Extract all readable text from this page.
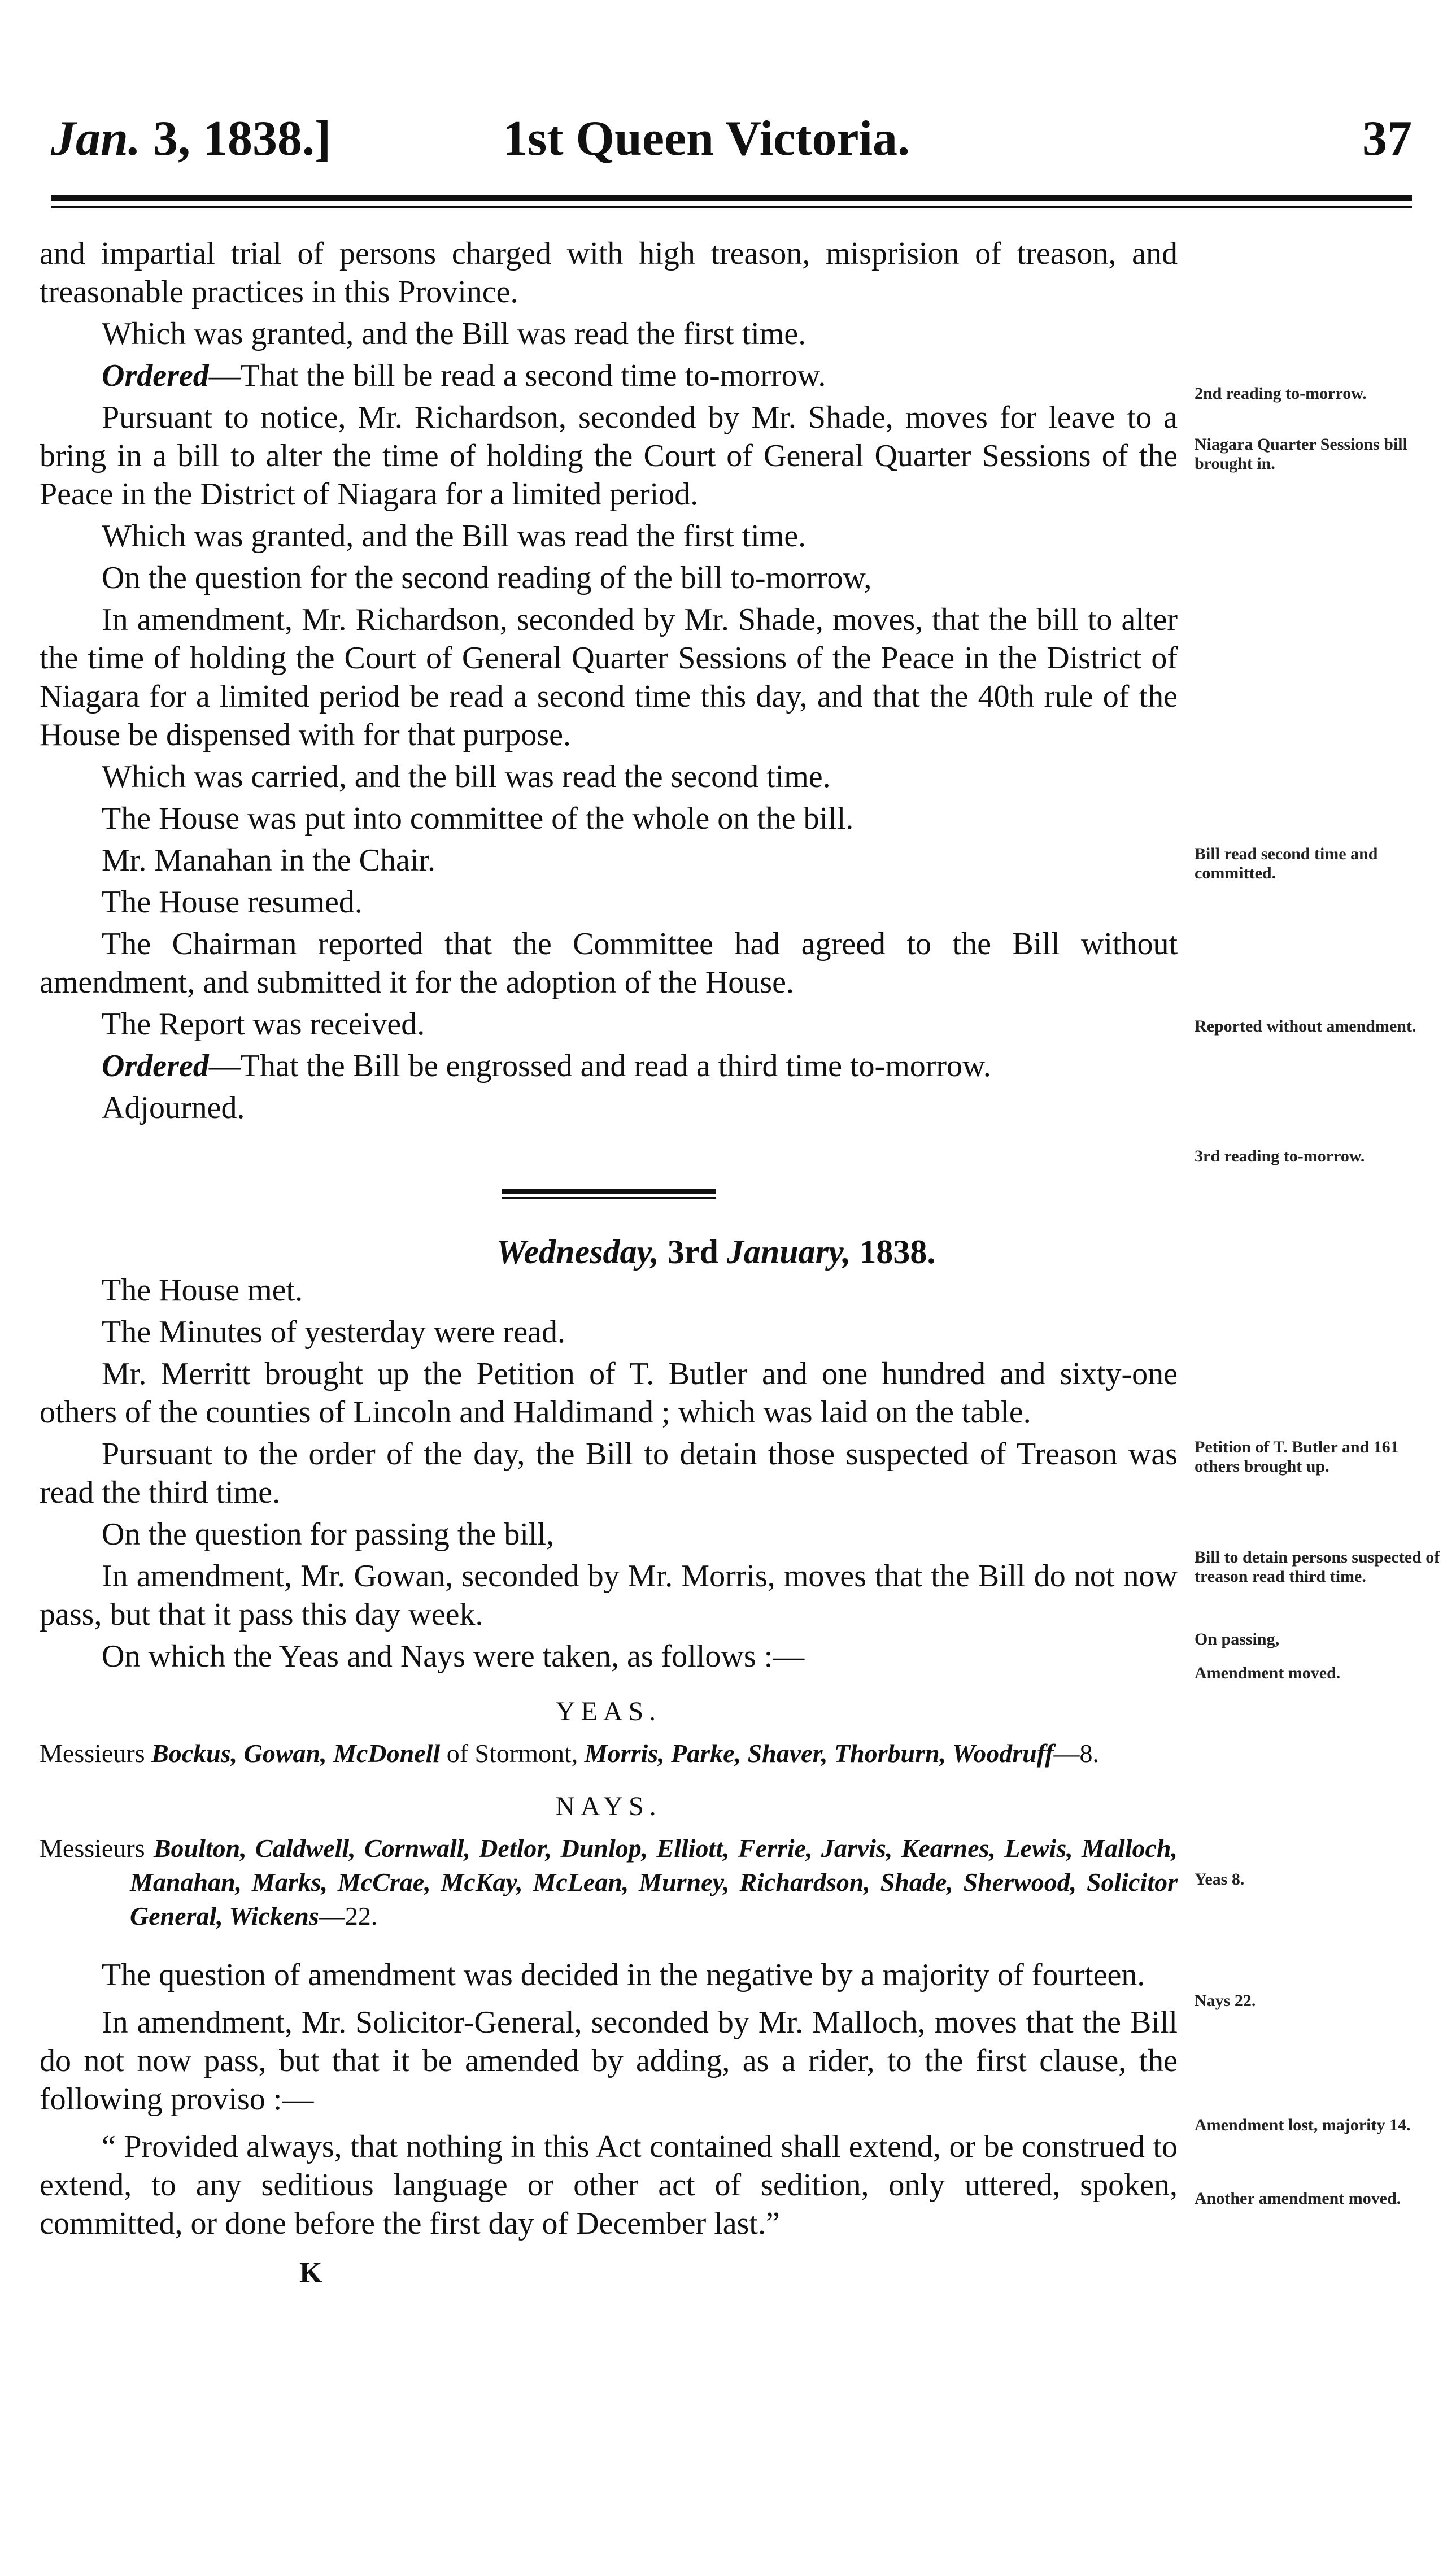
Jan. 3, 1838.]	1st Queen Victoria.	37

and impartial trial of persons charged with high treason, misprision of treason, and treasonable practices in this Province.

Which was granted, and the Bill was read the first time.

Ordered—That the bill be read a second time to-morrow.

Pursuant to notice, Mr. Richardson, seconded by Mr. Shade, moves for leave to a bring in a bill to alter the time of holding the Court of General Quarter Sessions of the Peace in the District of Niagara for a limited period.

Which was granted, and the Bill was read the first time.

On the question for the second reading of the bill to-morrow,

In amendment, Mr. Richardson, seconded by Mr. Shade, moves, that the bill to alter the time of holding the Court of General Quarter Sessions of the Peace in the District of Niagara for a limited period be read a second time this day, and that the 40th rule of the House be dispensed with for that purpose.

Which was carried, and the bill was read the second time.

The House was put into committee of the whole on the bill.

Mr. Manahan in the Chair.

The House resumed.

The Chairman reported that the Committee had agreed to the Bill without amendment, and submitted it for the adoption of the House.

The Report was received.

Ordered—That the Bill be engrossed and read a third time to-morrow.

Adjourned.

Wednesday, 3rd January, 1838.

The House met.

The Minutes of yesterday were read.

Mr. Merritt brought up the Petition of T. Butler and one hundred and sixty-one others of the counties of Lincoln and Haldimand ; which was laid on the table.

Pursuant to the order of the day, the Bill to detain those suspected of Treason was read the third time.

On the question for passing the bill,

In amendment, Mr. Gowan, seconded by Mr. Morris, moves that the Bill do not now pass, but that it pass this day week.

On which the Yeas and Nays were taken, as follows :—

YEAS.

Messieurs Bockus, Gowan, McDonell of Stormont, Morris, Parke, Shaver, Thorburn, Woodruff—8.

NAYS.

Messieurs Boulton, Caldwell, Cornwall, Detlor, Dunlop, Elliott, Ferrie, Jarvis, Kearnes, Lewis, Malloch, Manahan, Marks, McCrae, McKay, McLean, Murney, Richardson, Shade, Sherwood, Solicitor General, Wickens—22.

The question of amendment was decided in the negative by a majority of fourteen.

In amendment, Mr. Solicitor-General, seconded by Mr. Malloch, moves that the Bill do not now pass, but that it be amended by adding, as a rider, to the first clause, the following proviso :—

“ Provided always, that nothing in this Act contained shall extend, or be construed to extend, to any seditious language or other act of sedition, only uttered, spoken, committed, or done before the first day of December last.”

K
2nd reading to-morrow.
Niagara Quarter Sessions bill brought in.
Bill read second time and committed.
Reported without amendment.
3rd reading to-morrow.
Petition of T. Butler and 161 others brought up.
Bill to detain persons suspected of treason read third time.
On passing,
Amendment moved.
Yeas 8.
Nays 22.
Amendment lost, majority 14.
Another amendment moved.
